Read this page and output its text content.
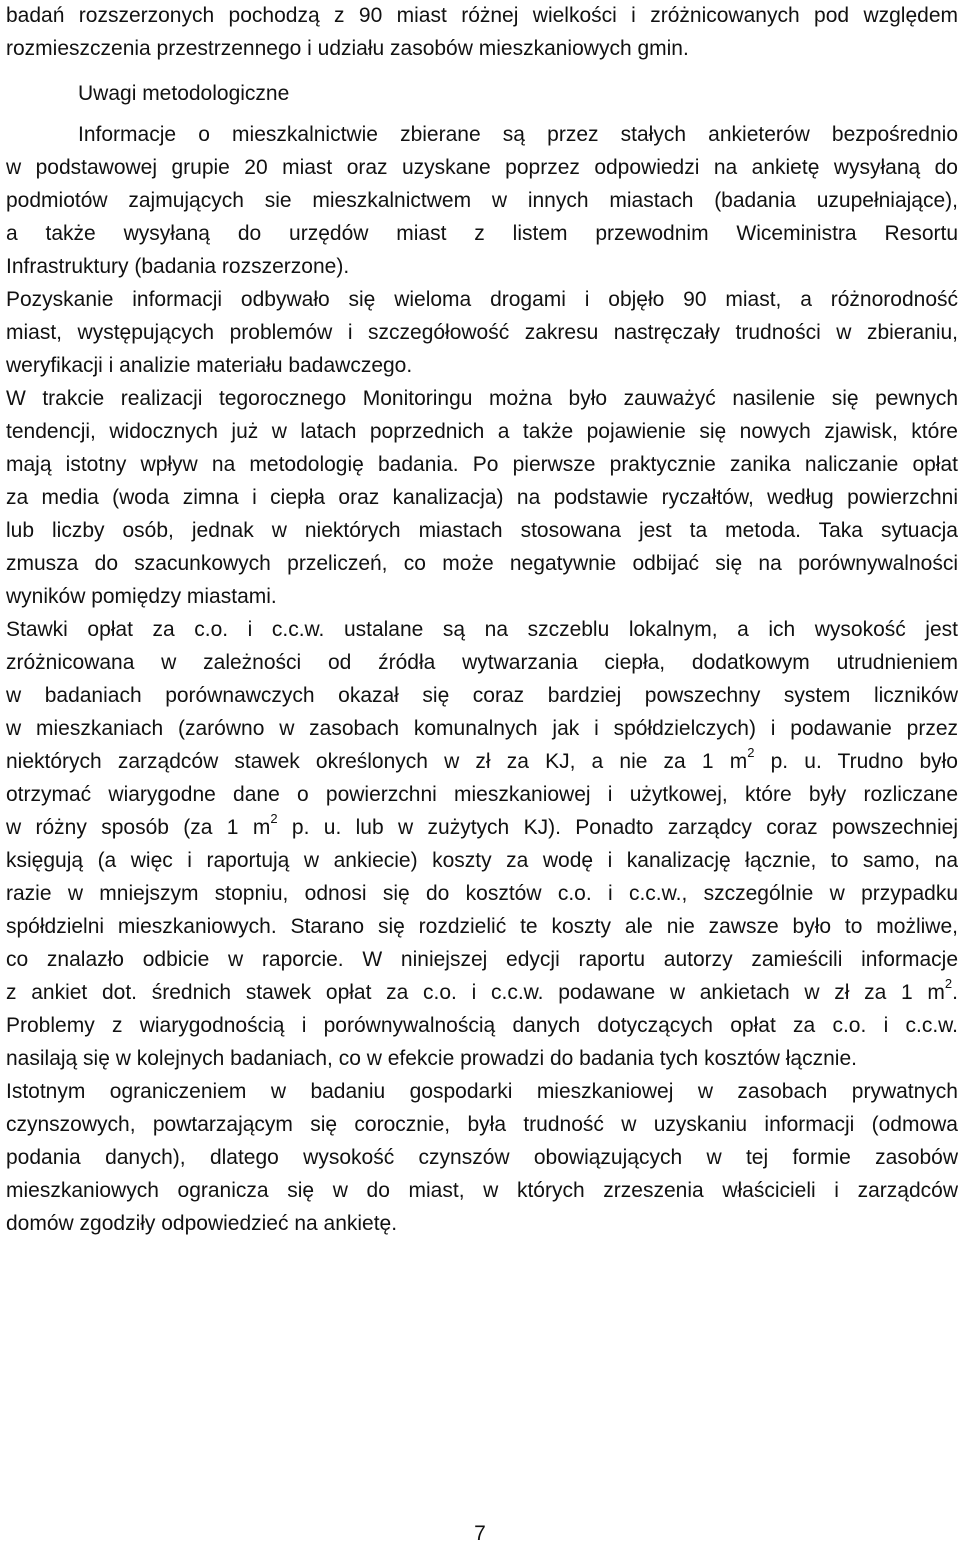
badań rozszerzonych pochodzą z 90 miast różnej wielkości i zróżnicowanych pod względem
rozmieszczenia przestrzennego i udziału zasobów mieszkaniowych gmin.
Uwagi metodologiczne
Informacje o mieszkalnictwie zbierane są przez stałych ankieterów bezpośrednio
w podstawowej grupie 20 miast oraz uzyskane poprzez odpowiedzi na ankietę wysyłaną do
podmiotów zajmujących sie mieszkalnictwem w innych miastach (badania uzupełniające),
a także wysyłaną do urzędów miast z listem przewodnim Wiceministra Resortu
Infrastruktury (badania rozszerzone).
Pozyskanie informacji odbywało się wieloma drogami i objęło 90 miast, a różnorodność
miast, występujących problemów i szczegółowość zakresu nastręczały trudności w zbieraniu,
weryfikacji i analizie materiału badawczego.
W trakcie realizacji tegorocznego Monitoringu można było zauważyć nasilenie się pewnych
tendencji, widocznych już w latach poprzednich a także pojawienie się nowych zjawisk, które
mają istotny wpływ na metodologię badania. Po pierwsze praktycznie zanika naliczanie opłat
za media (woda zimna i ciepła oraz kanalizacja) na podstawie ryczałtów, według powierzchni
lub liczby osób, jednak w niektórych miastach stosowana jest ta metoda. Taka sytuacja
zmusza do szacunkowych przeliczeń, co może negatywnie odbijać się na porównywalności
wyników pomiędzy miastami.
Stawki opłat za c.o. i c.c.w. ustalane są na szczeblu lokalnym, a ich wysokość jest
zróżnicowana w zależności od źródła wytwarzania ciepła, dodatkowym utrudnieniem
w badaniach porównawczych okazał się coraz bardziej powszechny system liczników
w mieszkaniach (zarówno w zasobach komunalnych jak i spółdzielczych) i podawanie przez
niektórych zarządców stawek określonych w zł za KJ, a nie za 1 $m^2$ p. u. Trudno było
otrzymać wiarygodne dane o powierzchni mieszkaniowej i użytkowej, które były rozliczane
w różny sposób (za 1 $m^2$ p. u. lub w zużytych KJ). Ponadto zarządcy coraz powszechniej
księgują (a więc i raportują w ankiecie) koszty za wodę i kanalizację łącznie, to samo, na
razie w mniejszym stopniu, odnosi się do kosztów c.o. i c.c.w., szczególnie w przypadku
spółdzielni mieszkaniowych. Starano się rozdzielić te koszty ale nie zawsze było to możliwe,
co znalazło odbicie w raporcie. W niniejszej edycji raportu autorzy zamieścili informacje
z ankiet dot. średnich stawek opłat za c.o. i c.c.w. podawane w ankietach w zł za 1 $m^2$.
Problemy z wiarygodnością i porównywalnością danych dotyczących opłat za c.o. i c.c.w.
nasilają się w kolejnych badaniach, co w efekcie prowadzi do badania tych kosztów łącznie.
Istotnym ograniczeniem w badaniu gospodarki mieszkaniowej w zasobach prywatnych
czynszowych, powtarzającym się corocznie, była trudność w uzyskaniu informacji (odmowa
podania danych), dlatego wysokość czynszów obowiązujących w tej formie zasobów
mieszkaniowych ogranicza się w do miast, w których zrzeszenia właścicieli i zarządców
domów zgodziły odpowiedzieć na ankietę.
7
